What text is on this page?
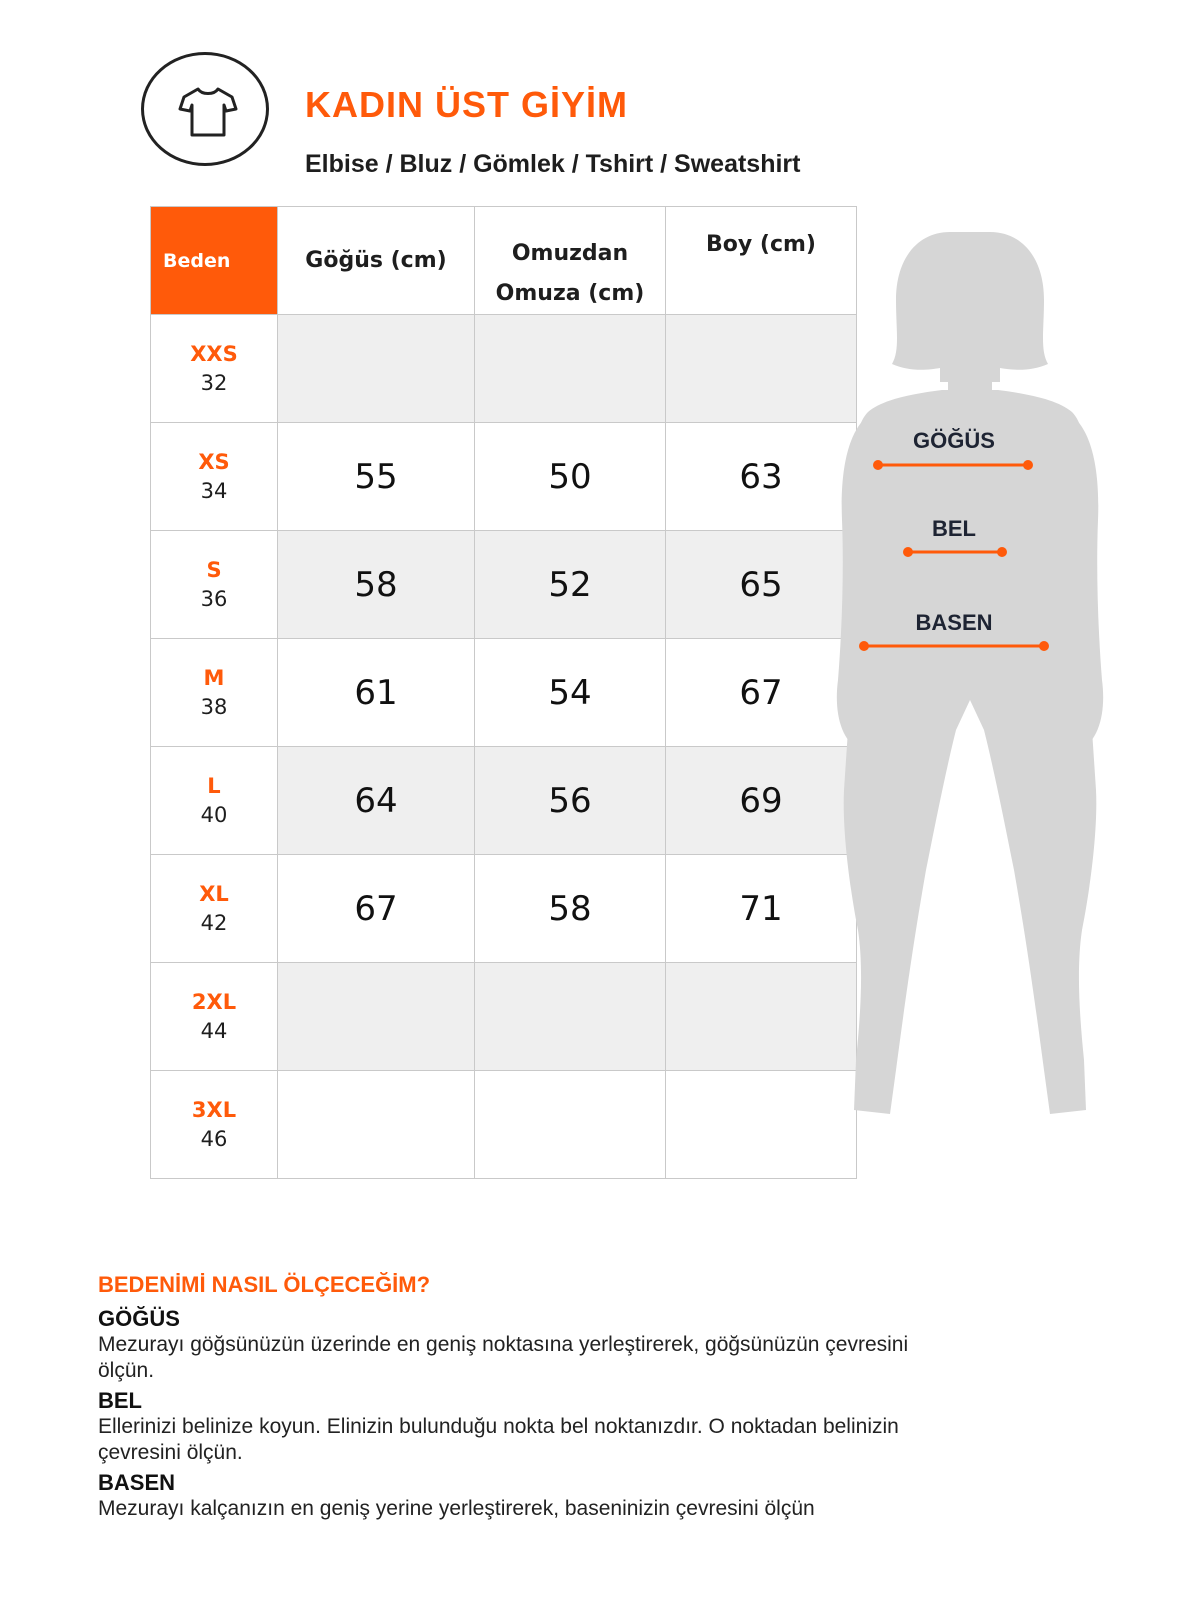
KADIN ÜST GİYİM
Elbise / Bluz / Gömlek / Tshirt / Sweatshirt
Beden	Göğüs (cm)	Omuzdan
Omuza (cm)	Boy (cm)

XXS
32			

XS
34	55	50	63

S
36	58	52	65

M
38	61	54	67

L
40	64	56	69

XL
42	67	58	71

2XL
44			

3XL
46			

GÖĞÜS
BEL
BASEN
BEDENİMİ NASIL ÖLÇECEĞİM?
GÖĞÜS
Mezurayı göğsünüzün üzerinde en geniş noktasına yerleştirerek, göğsünüzün çevresini ölçün.
BEL
Ellerinizi belinize koyun. Elinizin bulunduğu nokta bel noktanızdır. O noktadan belinizin çevresini ölçün.
BASEN
Mezurayı kalçanızın en geniş yerine yerleştirerek, baseninizin çevresini ölçün
